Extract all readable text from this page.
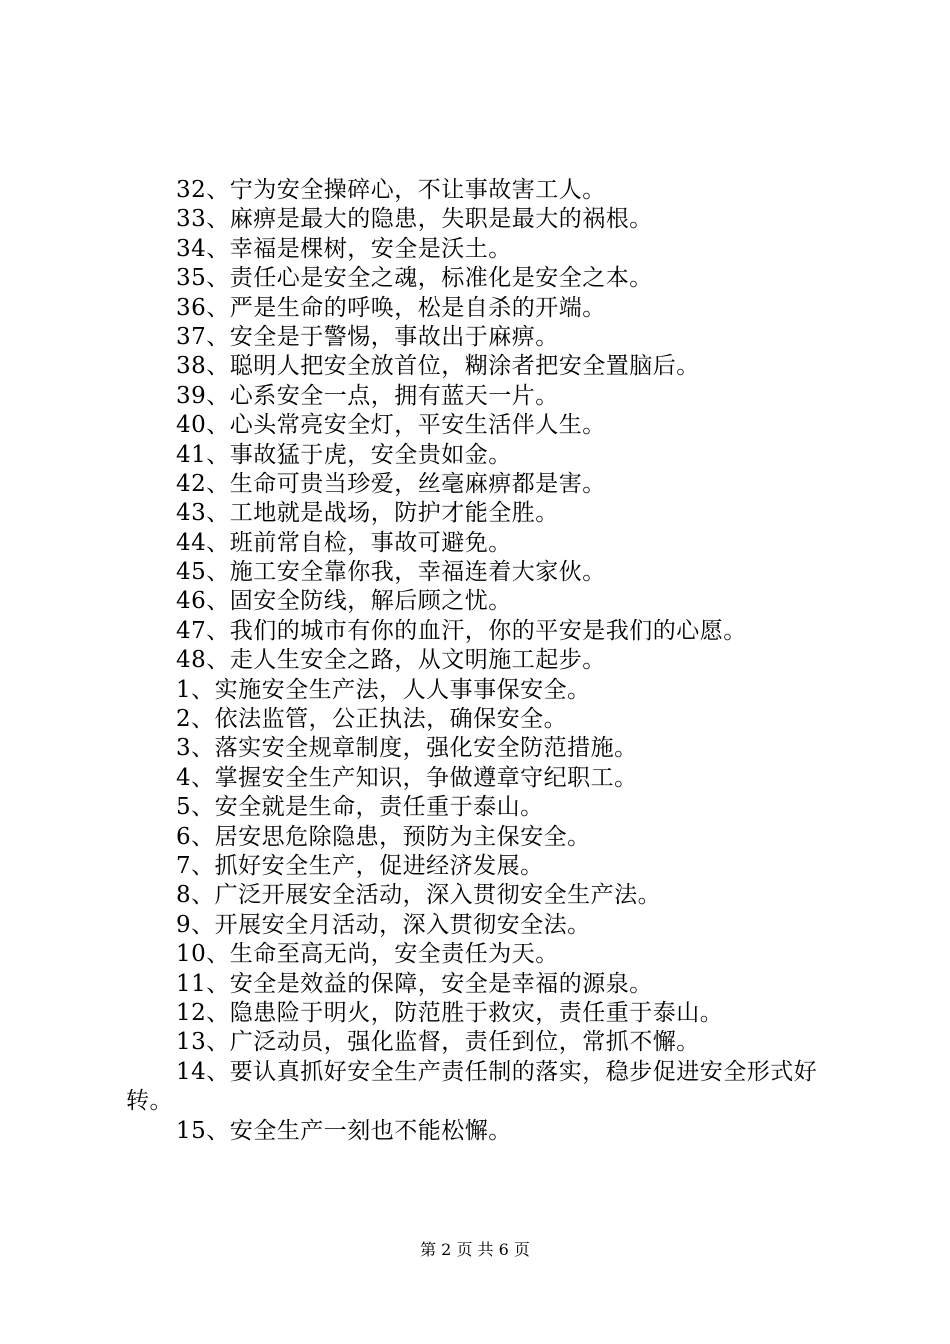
32、宁为安全操碎心，不让事故害工人。
33、麻痹是最大的隐患，失职是最大的祸根。
34、幸福是棵树，安全是沃土。
35、责任心是安全之魂，标准化是安全之本。
36、严是生命的呼唤，松是自杀的开端。
37、安全是于警惕，事故出于麻痹。
38、聪明人把安全放首位，糊涂者把安全置脑后。
39、心系安全一点，拥有蓝天一片。
40、心头常亮安全灯，平安生活伴人生。
41、事故猛于虎，安全贵如金。
42、生命可贵当珍爱，丝毫麻痹都是害。
43、工地就是战场，防护才能全胜。
44、班前常自检，事故可避免。
45、施工安全靠你我，幸福连着大家伙。
46、固安全防线，解后顾之忧。
47、我们的城市有你的血汗，你的平安是我们的心愿。
48、走人生安全之路，从文明施工起步。
1、实施安全生产法，人人事事保安全。
2、依法监管，公正执法，确保安全。
3、落实安全规章制度，强化安全防范措施。
4、掌握安全生产知识，争做遵章守纪职工。
5、安全就是生命，责任重于泰山。
6、居安思危除隐患，预防为主保安全。
7、抓好安全生产，促进经济发展。
8、广泛开展安全活动，深入贯彻安全生产法。
9、开展安全月活动，深入贯彻安全法。
10、生命至高无尚，安全责任为天。
11、安全是效益的保障，安全是幸福的源泉。
12、隐患险于明火，防范胜于救灾，责任重于泰山。
13、广泛动员，强化监督，责任到位，常抓不懈。
14、要认真抓好安全生产责任制的落实，稳步促进安全形式好转。
15、安全生产一刻也不能松懈。
第 2 页 共 6 页
